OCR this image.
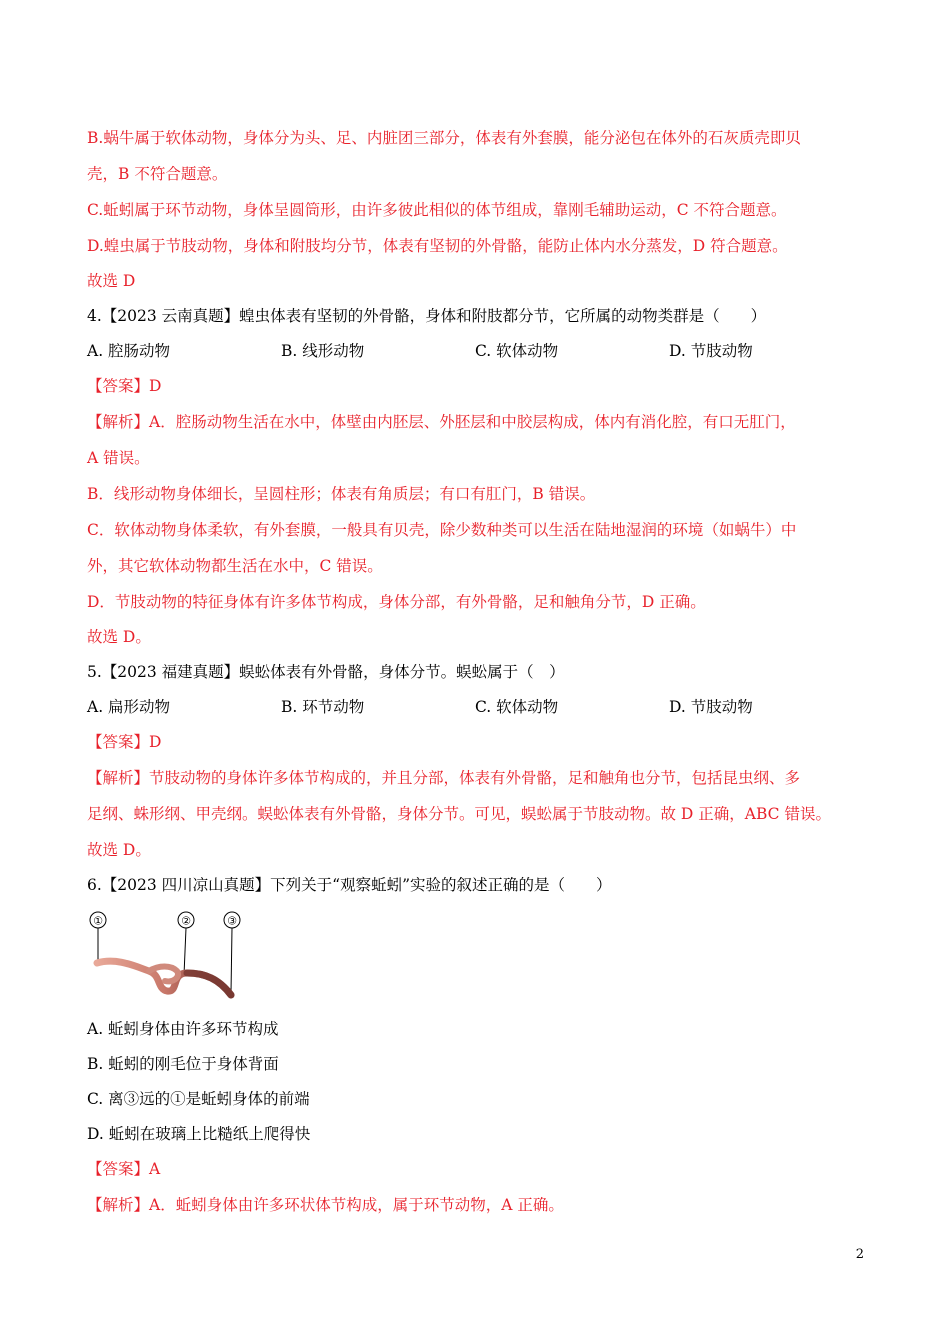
B.蜗牛属于软体动物，身体分为头、足、内脏团三部分，体表有外套膜，能分泌包在体外的石灰质壳即贝
壳，B 不符合题意。
C.蚯蚓属于环节动物，身体呈圆筒形，由许多彼此相似的体节组成，靠刚毛辅助运动，C 不符合题意。
D.蝗虫属于节肢动物，身体和附肢均分节，体表有坚韧的外骨骼，能防止体内水分蒸发，D 符合题意。
故选 D
4.【2023 云南真题】蝗虫体表有坚韧的外骨骼，身体和附肢都分节，它所属的动物类群是（　　）
A. 腔肠动物	B. 线形动物	C. 软体动物	D. 节肢动物
【答案】D
【解析】A．腔肠动物生活在水中，体壁由内胚层、外胚层和中胶层构成，体内有消化腔，有口无肛门，
A 错误。
B．线形动物身体细长，呈圆柱形；体表有角质层；有口有肛门，B 错误。
C．软体动物身体柔软，有外套膜，一般具有贝壳，除少数种类可以生活在陆地湿润的环境（如蜗牛）中
外，其它软体动物都生活在水中，C 错误。
D．节肢动物的特征身体有许多体节构成，身体分部，有外骨骼，足和触角分节，D 正确。
故选 D。
5.【2023 福建真题】蜈蚣体表有外骨骼，身体分节。蜈蚣属于（　）
A. 扁形动物	B. 环节动物	C. 软体动物	D. 节肢动物
【答案】D
【解析】节肢动物的身体许多体节构成的，并且分部，体表有外骨骼，足和触角也分节，包括昆虫纲、多
足纲、蛛形纲、甲壳纲。蜈蚣体表有外骨骼，身体分节。可见，蜈蚣属于节肢动物。故 D 正确，ABC 错误。
故选 D。
6.【2023 四川凉山真题】下列关于“观察蚯蚓”实验的叙述正确的是（　　）
①	②	③
A. 蚯蚓身体由许多环节构成
B. 蚯蚓的刚毛位于身体背面
C. 离③远的①是蚯蚓身体的前端
D. 蚯蚓在玻璃上比糙纸上爬得快
【答案】A
【解析】A．蚯蚓身体由许多环状体节构成，属于环节动物，A 正确。
2
